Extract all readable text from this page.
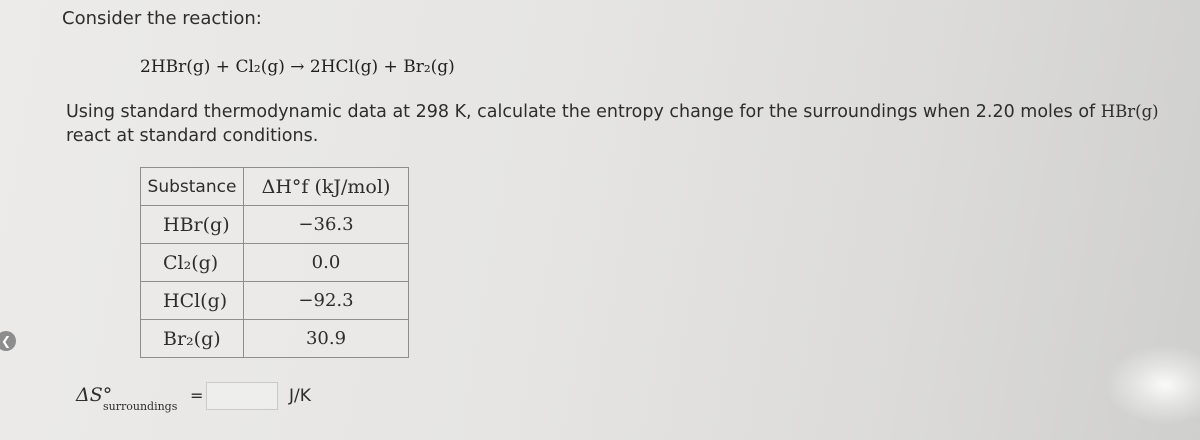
Consider the reaction:
2HBr(g) + Cl₂(g) → 2HCl(g) + Br₂(g)
Using standard thermodynamic data at 298 K, calculate the entropy change for the surroundings when 2.20 moles of HBr(g) react at standard conditions.
Substance	ΔH°f (kJ/mol)
HBr(g)	−36.3
Cl₂(g)	0.0
HCl(g)	−92.3
Br₂(g)	30.9
ΔS°
surroundings
=	J/K
❮
